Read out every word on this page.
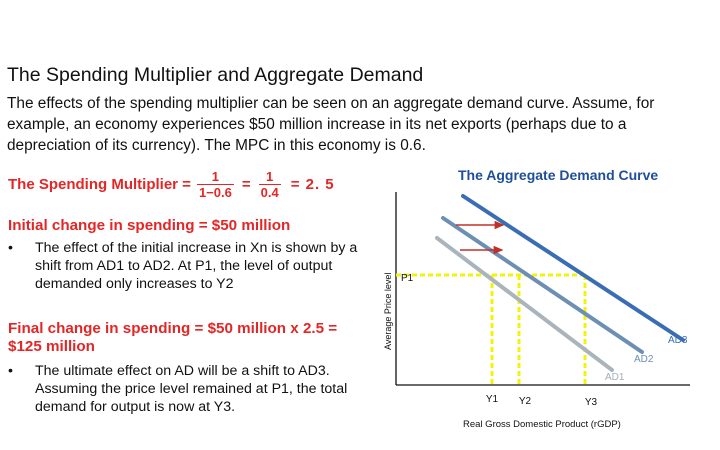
The Spending Multiplier and Aggregate Demand
The effects of the spending multiplier can be seen on an aggregate demand curve. Assume, for example, an economy experiences $50 million increase in its net exports (perhaps due to a depreciation of its currency). The MPC in this economy is 0.6.
The Spending Multiplier = $\frac{1}{1-0.6} = \frac{1}{0.4} = 2$. 5
Initial change in spending = $50 million
•	The effect of the initial increase in Xn is shown by a shift from AD1 to AD2. At P1, the level of output demanded only increases to Y2
Final change in spending = $50 million x 2.5 = $125 million
•	The ultimate effect on AD will be a shift to AD3. Assuming the price level remained at P1, the total demand for output is now at Y3.
The Aggregate Demand Curve
Average Price level
Real Gross Domestic Product (rGDP)
P1
AD3
AD2
AD1
Y1 Y2	Y3
